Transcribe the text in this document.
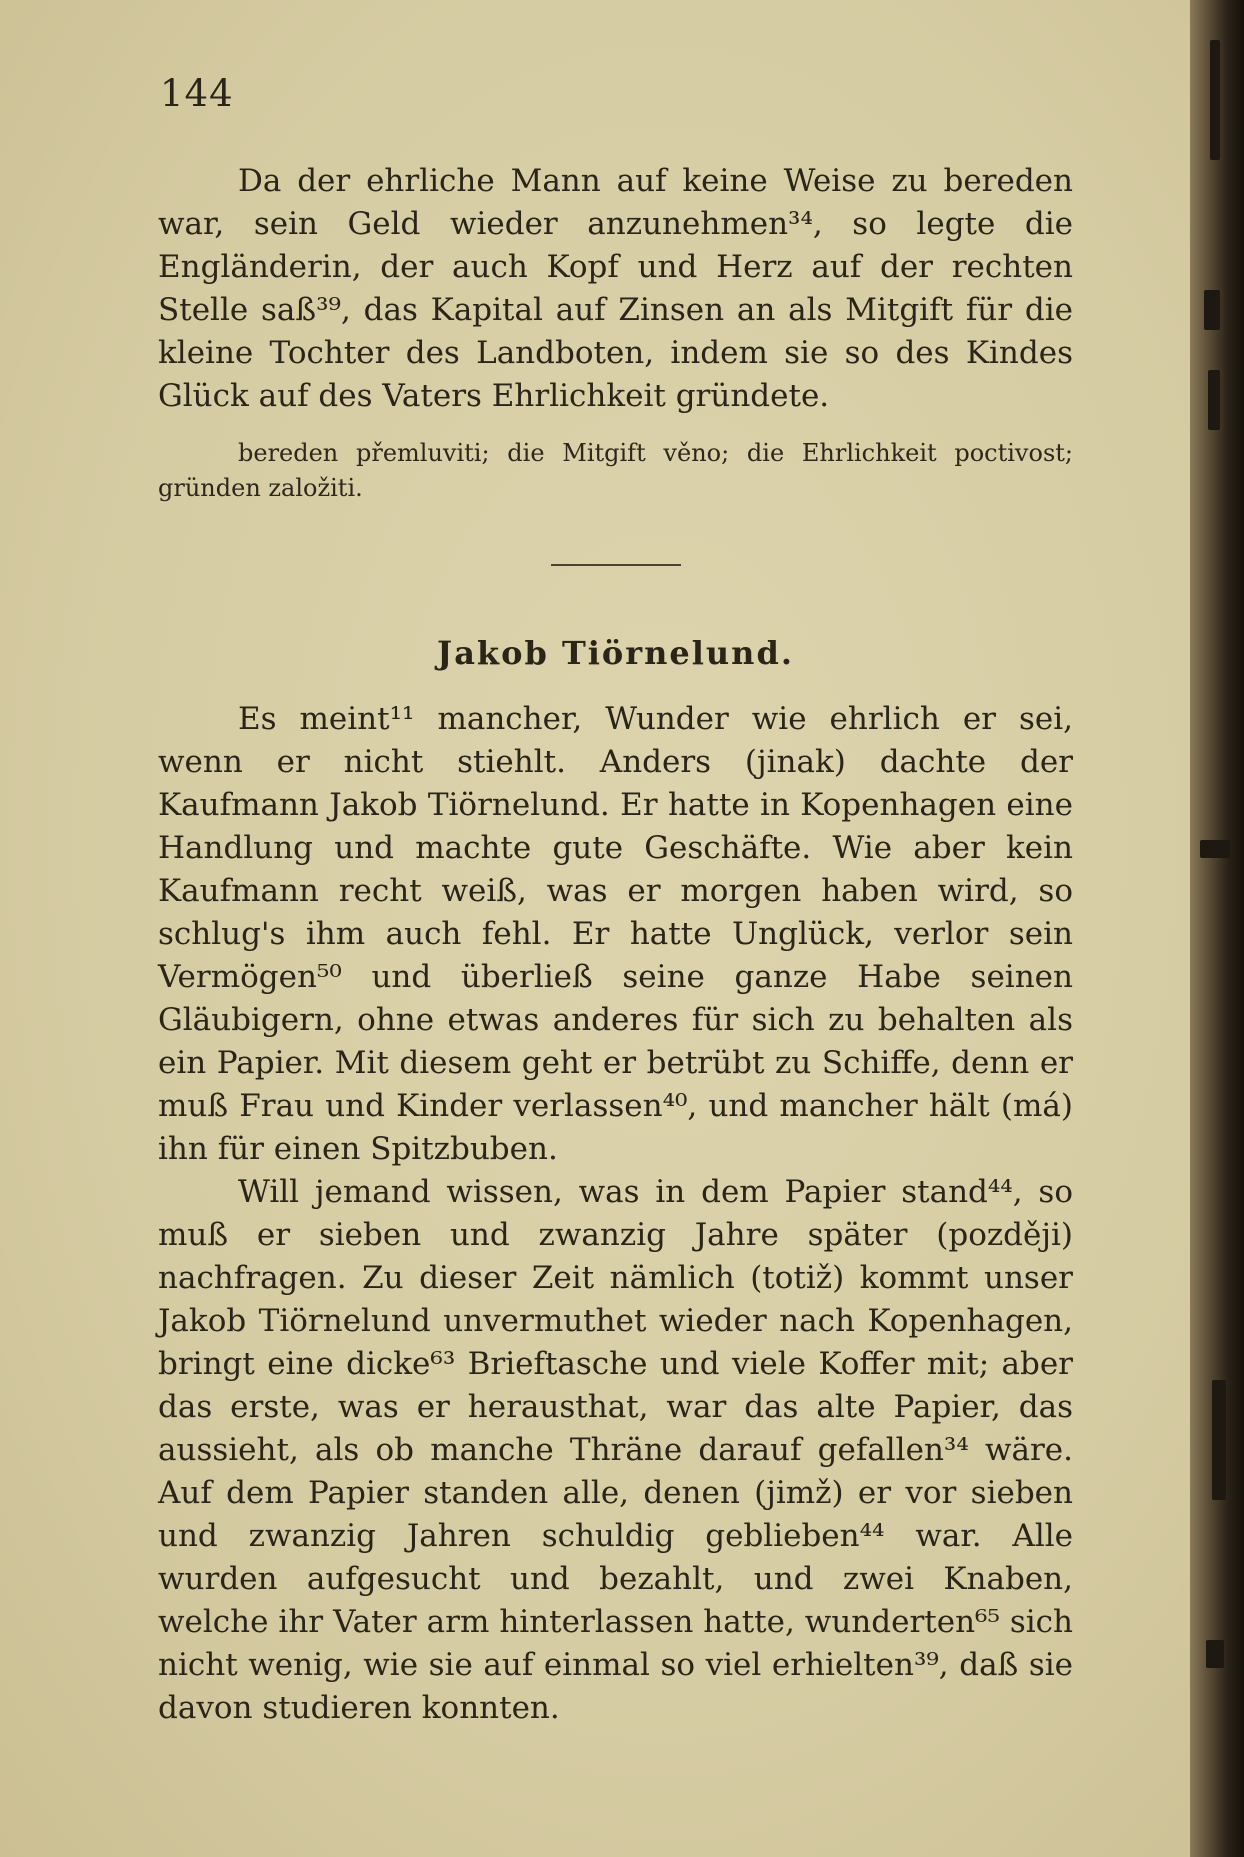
144

Da der ehrliche Mann auf keine Weise zu bereden war, sein Geld wieder anzunehmen³⁴, so legte die Engländerin, der auch Kopf und Herz auf der rechten Stelle saß³⁹, das Kapital auf Zinsen an als Mitgift für die kleine Tochter des Landboten, indem sie so des Kindes Glück auf des Vaters Ehrlichkeit gründete.

bereden přemluviti; die Mitgift věno; die Ehrlichkeit poctivost; gründen založiti.

Jakob Tiörnelund.

Es meint¹¹ mancher, Wunder wie ehrlich er sei, wenn er nicht stiehlt. Anders (jinak) dachte der Kaufmann Jakob Tiörnelund. Er hatte in Kopenhagen eine Handlung und machte gute Geschäfte. Wie aber kein Kaufmann recht weiß, was er morgen haben wird, so schlug's ihm auch fehl. Er hatte Unglück, verlor sein Vermögen⁵⁰ und überließ seine ganze Habe seinen Gläubigern, ohne etwas anderes für sich zu behalten als ein Papier. Mit diesem geht er betrübt zu Schiffe, denn er muß Frau und Kinder verlassen⁴⁰, und mancher hält (má) ihn für einen Spitzbuben.

Will jemand wissen, was in dem Papier stand⁴⁴, so muß er sieben und zwanzig Jahre später (později) nachfragen. Zu dieser Zeit nämlich (totiž) kommt unser Jakob Tiörnelund unvermuthet wieder nach Kopenhagen, bringt eine dicke⁶³ Brieftasche und viele Koffer mit; aber das erste, was er herausthat, war das alte Papier, das aussieht, als ob manche Thräne darauf gefallen³⁴ wäre. Auf dem Papier standen alle, denen (jimž) er vor sieben und zwanzig Jahren schuldig geblieben⁴⁴ war. Alle wurden aufgesucht und bezahlt, und zwei Knaben, welche ihr Vater arm hinterlassen hatte, wunderten⁶⁵ sich nicht wenig, wie sie auf einmal so viel erhielten³⁹, daß sie davon studieren konnten.
